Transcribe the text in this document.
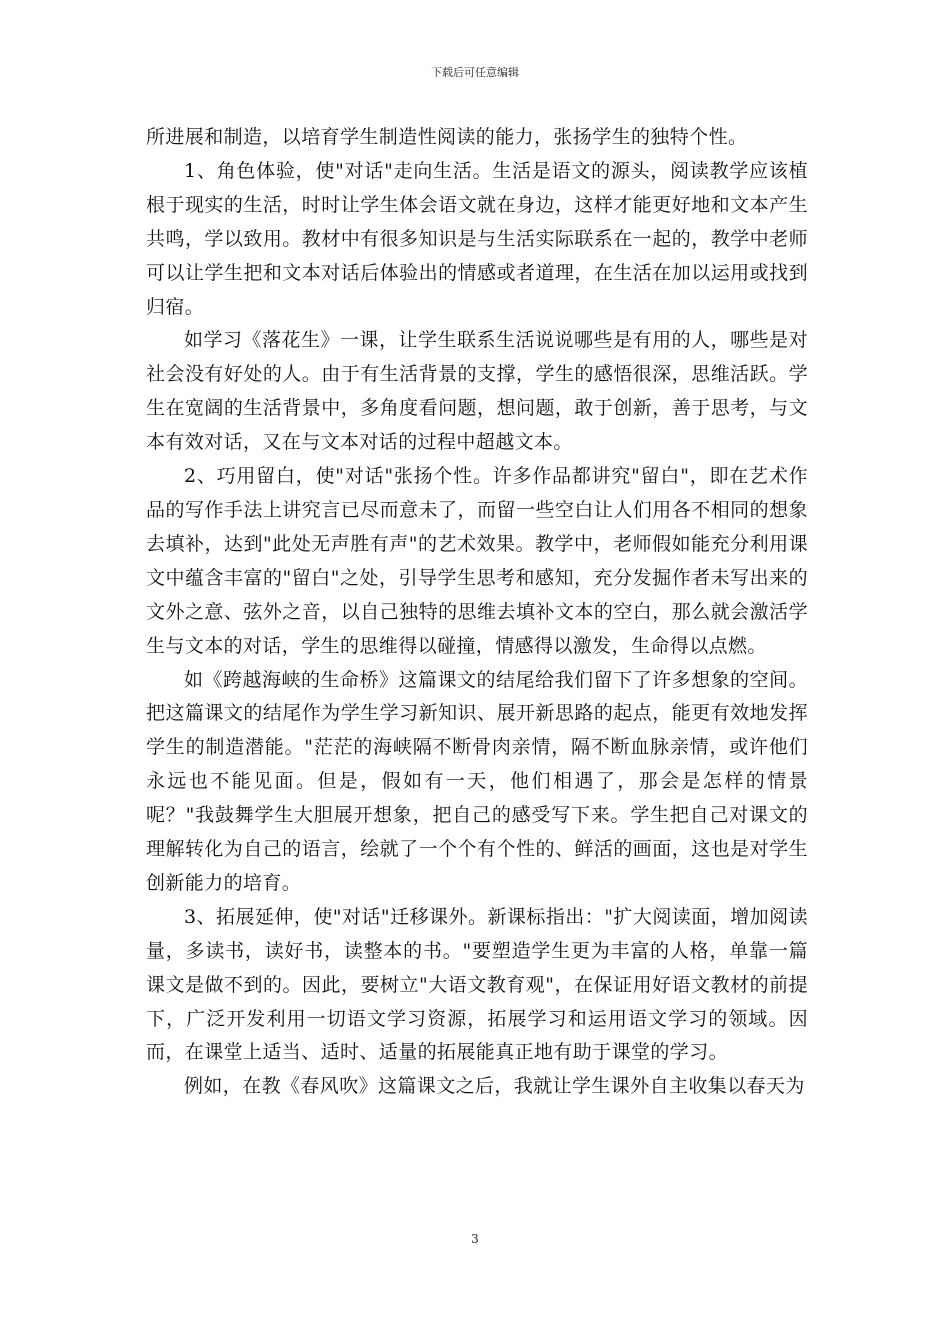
下载后可任意编辑

所进展和制造，以培育学生制造性阅读的能力，张扬学生的独特个性。

1、角色体验，使"对话"走向生活。生活是语文的源头，阅读教学应该植根于现实的生活，时时让学生体会语文就在身边，这样才能更好地和文本产生共鸣，学以致用。教材中有很多知识是与生活实际联系在一起的，教学中老师可以让学生把和文本对话后体验出的情感或者道理，在生活在加以运用或找到归宿。

如学习《落花生》一课，让学生联系生活说说哪些是有用的人，哪些是对社会没有好处的人。由于有生活背景的支撑，学生的感悟很深，思维活跃。学生在宽阔的生活背景中，多角度看问题，想问题，敢于创新，善于思考，与文本有效对话，又在与文本对话的过程中超越文本。

2、巧用留白，使"对话"张扬个性。许多作品都讲究"留白"，即在艺术作品的写作手法上讲究言已尽而意未了，而留一些空白让人们用各不相同的想象去填补，达到"此处无声胜有声"的艺术效果。教学中，老师假如能充分利用课文中蕴含丰富的"留白"之处，引导学生思考和感知，充分发掘作者未写出来的文外之意、弦外之音，以自己独特的思维去填补文本的空白，那么就会激活学生与文本的对话，学生的思维得以碰撞，情感得以激发，生命得以点燃。

如《跨越海峡的生命桥》这篇课文的结尾给我们留下了许多想象的空间。把这篇课文的结尾作为学生学习新知识、展开新思路的起点，能更有效地发挥学生的制造潜能。"茫茫的海峡隔不断骨肉亲情，隔不断血脉亲情，或许他们永远也不能见面。但是，假如有一天，他们相遇了，那会是怎样的情景呢？"我鼓舞学生大胆展开想象，把自己的感受写下来。学生把自己对课文的理解转化为自己的语言，绘就了一个个有个性的、鲜活的画面，这也是对学生创新能力的培育。

3、拓展延伸，使"对话"迁移课外。新课标指出："扩大阅读面，增加阅读量，多读书，读好书，读整本的书。"要塑造学生更为丰富的人格，单靠一篇课文是做不到的。因此，要树立"大语文教育观"，在保证用好语文教材的前提下，广泛开发利用一切语文学习资源，拓展学习和运用语文学习的领域。因而，在课堂上适当、适时、适量的拓展能真正地有助于课堂的学习。

例如，在教《春风吹》这篇课文之后，我就让学生课外自主收集以春天为

3
